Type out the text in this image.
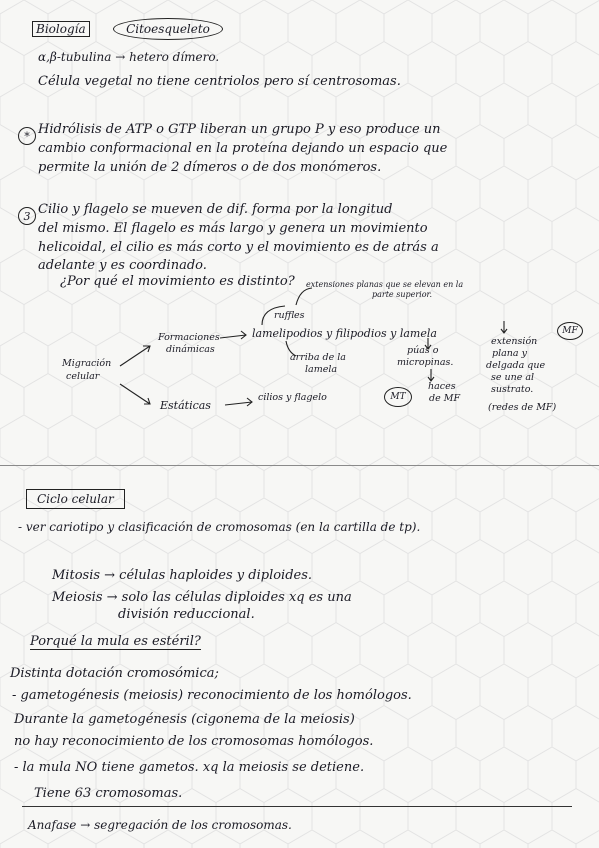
Biología	Citoesqueleto
α,β-tubulina → hetero dímero.
Célula vegetal no tiene centriolos pero sí centrosomas.
* Hidrólisis de ATP o GTP liberan un grupo P y eso produce un
cambio conformacional en la proteína dejando un espacio que
permite la unión de 2 dímeros o de dos monómeros.
3 Cilio y flagelo se mueven de dif. forma por la longitud
del mismo. El flagelo es más largo y genera un movimiento
helicoidal, el cilio es más corto y el movimiento es de atrás a
adelante y es coordinado.
¿Por qué el movimiento es distinto?
Migración
celular
Formaciones
dinámicas
extensiones planas que se elevan en la
parte superior.
ruffles
lamelipodios y filipodios y lamela	MF
arriba de la
lamela
púas o
micropinas.
haces
de MF
extensión
plana y
delgada que
se une al
sustrato.
(redes de MF)
Estáticas
cilios y flagelo	MT
Ciclo celular
- ver cariotipo y clasificación de cromosomas (en la cartilla de tp).
Mitosis → células haploides y diploides.
Meiosis → solo las células diploides xq es una
división reduccional.
Porqué la mula es estéril?
Distinta dotación cromosómica;
- gametogénesis (meiosis) reconocimiento de los homólogos.
Durante la gametogénesis (cigonema de la meiosis)
no hay reconocimiento de los cromosomas homólogos.
- la mula NO tiene gametos. xq la meiosis se detiene.
Tiene 63 cromosomas.
Anafase → segregación de los cromosomas.
